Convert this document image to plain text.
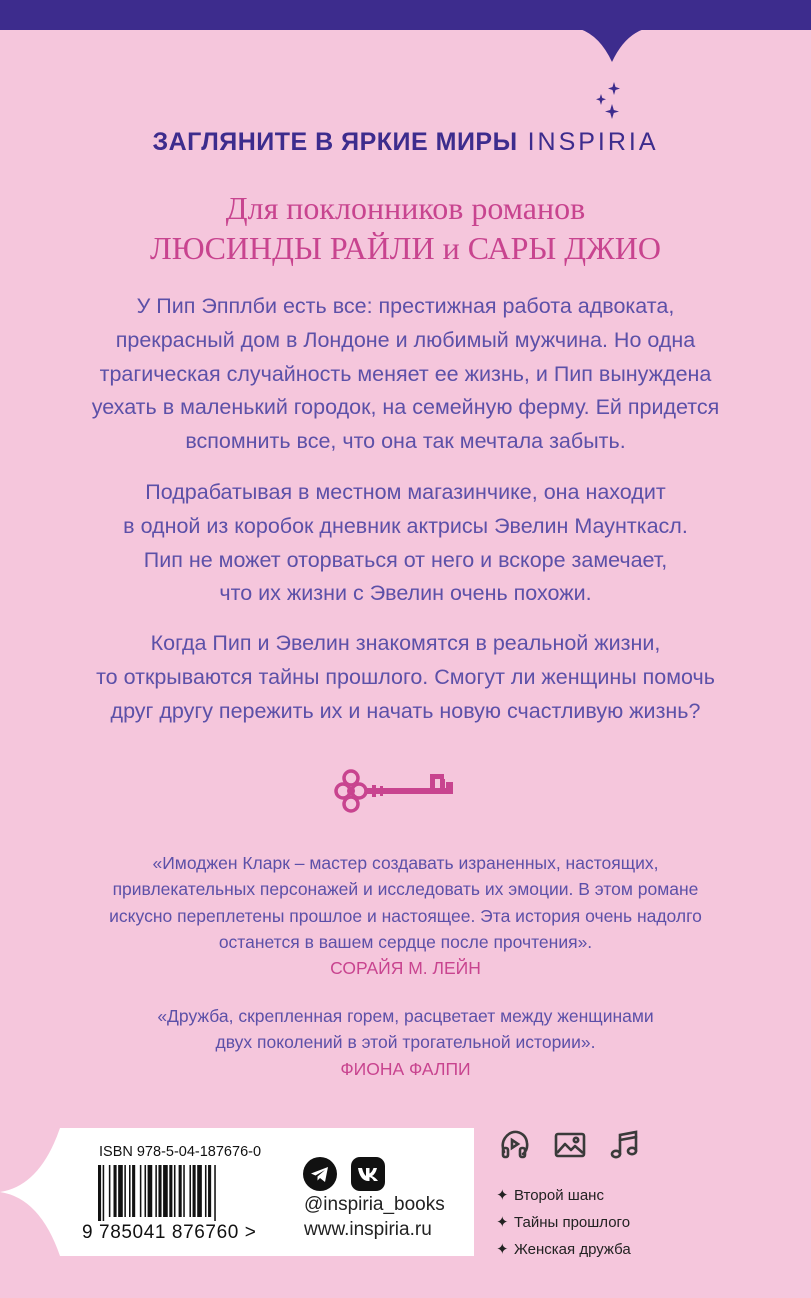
ЗАГЛЯНИТЕ В ЯРКИЕ МИРЫ INSPIRIA
Для поклонников романов
ЛЮСИНДЫ РАЙЛИ и САРЫ ДЖИО

У Пип Эпплби есть все: престижная работа адвоката,
прекрасный дом в Лондоне и любимый мужчина. Но одна
трагическая случайность меняет ее жизнь, и Пип вынуждена
уехать в маленький городок, на семейную ферму. Ей придется
вспомнить все, что она так мечтала забыть.

Подрабатывая в местном магазинчике, она находит
в одной из коробок дневник актрисы Эвелин Маунткасл.
Пип не может оторваться от него и вскоре замечает,
что их жизни с Эвелин очень похожи.

Когда Пип и Эвелин знакомятся в реальной жизни,
то открываются тайны прошлого. Смогут ли женщины помочь
друг другу пережить их и начать новую счастливую жизнь?

«Имоджен Кларк – мастер создавать израненных, настоящих,
привлекательных персонажей и исследовать их эмоции. В этом романе
искусно переплетены прошлое и настоящее. Эта история очень надолго
останется в вашем сердце после прочтения».
СОРАЙЯ М. ЛЕЙН

«Дружба, скрепленная горем, расцветает между женщинами
двух поколений в этой трогательной истории».
ФИОНА ФАЛПИ

ISBN 978-5-04-187676-0
9 785041 876760 >
@inspiria_books
www.inspiria.ru
✦ Второй шанс
✦ Тайны прошлого
✦ Женская дружба
